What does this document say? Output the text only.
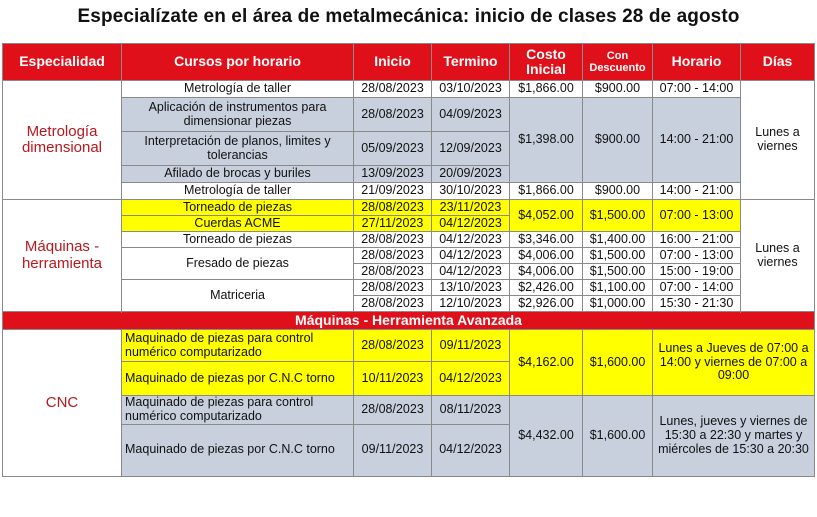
Especialízate en el área de metalmecánica: inicio de clases 28 de agosto
Especialidad	Cursos por horario	Inicio	Termino	Costo Inicial	Con Descuento	Horario	Días
Metrología dimensional	Metrología de taller	28/08/2023	03/10/2023	$1,866.00	$900.00	07:00 - 14:00	Lunes a viernes
	Aplicación de instrumentos para dimensionar piezas	28/08/2023	04/09/2023	$1,398.00	$900.00	14:00 - 21:00	
	Interpretación de planos, limites y tolerancias	05/09/2023	12/09/2023				
	Afilado de brocas y buriles	13/09/2023	20/09/2023				
	Metrología de taller	21/09/2023	30/10/2023	$1,866.00	$900.00	14:00 - 21:00	

Máquinas - herramienta	Torneado de piezas	28/08/2023	23/11/2023	$4,052.00	$1,500.00	07:00 - 13:00	Lunes a viernes
	Cuerdas ACME	27/11/2023	04/12/2023				
	Torneado de piezas	28/08/2023	04/12/2023	$3,346.00	$1,400.00	16:00 - 21:00	
	Fresado de piezas	28/08/2023	04/12/2023	$4,006.00	$1,500.00	07:00 - 13:00	
		28/08/2023	04/12/2023	$4,006.00	$1,500.00	15:00 - 19:00	
	Matriceria	28/08/2023	13/10/2023	$2,426.00	$1,100.00	07:00 - 14:00	
		28/08/2023	12/10/2023	$2,926.00	$1,000.00	15:30 - 21:30	

Máquinas - Herramienta Avanzada							
CNC	Maquinado de piezas para control numérico computarizado	28/08/2023	09/11/2023	$4,162.00	$1,600.00	Lunes a Jueves de 07:00 a 14:00 y viernes de 07:00 a 09:00	
	Maquinado de piezas por C.N.C torno	10/11/2023	04/12/2023				
	Maquinado de piezas para control numérico computarizado	28/08/2023	08/11/2023	$4,432.00	$1,600.00	Lunes, jueves y viernes de 15:30 a 22:30 y martes y miércoles de 15:30 a 20:30	
	Maquinado de piezas por C.N.C torno	09/11/2023	04/12/2023				
